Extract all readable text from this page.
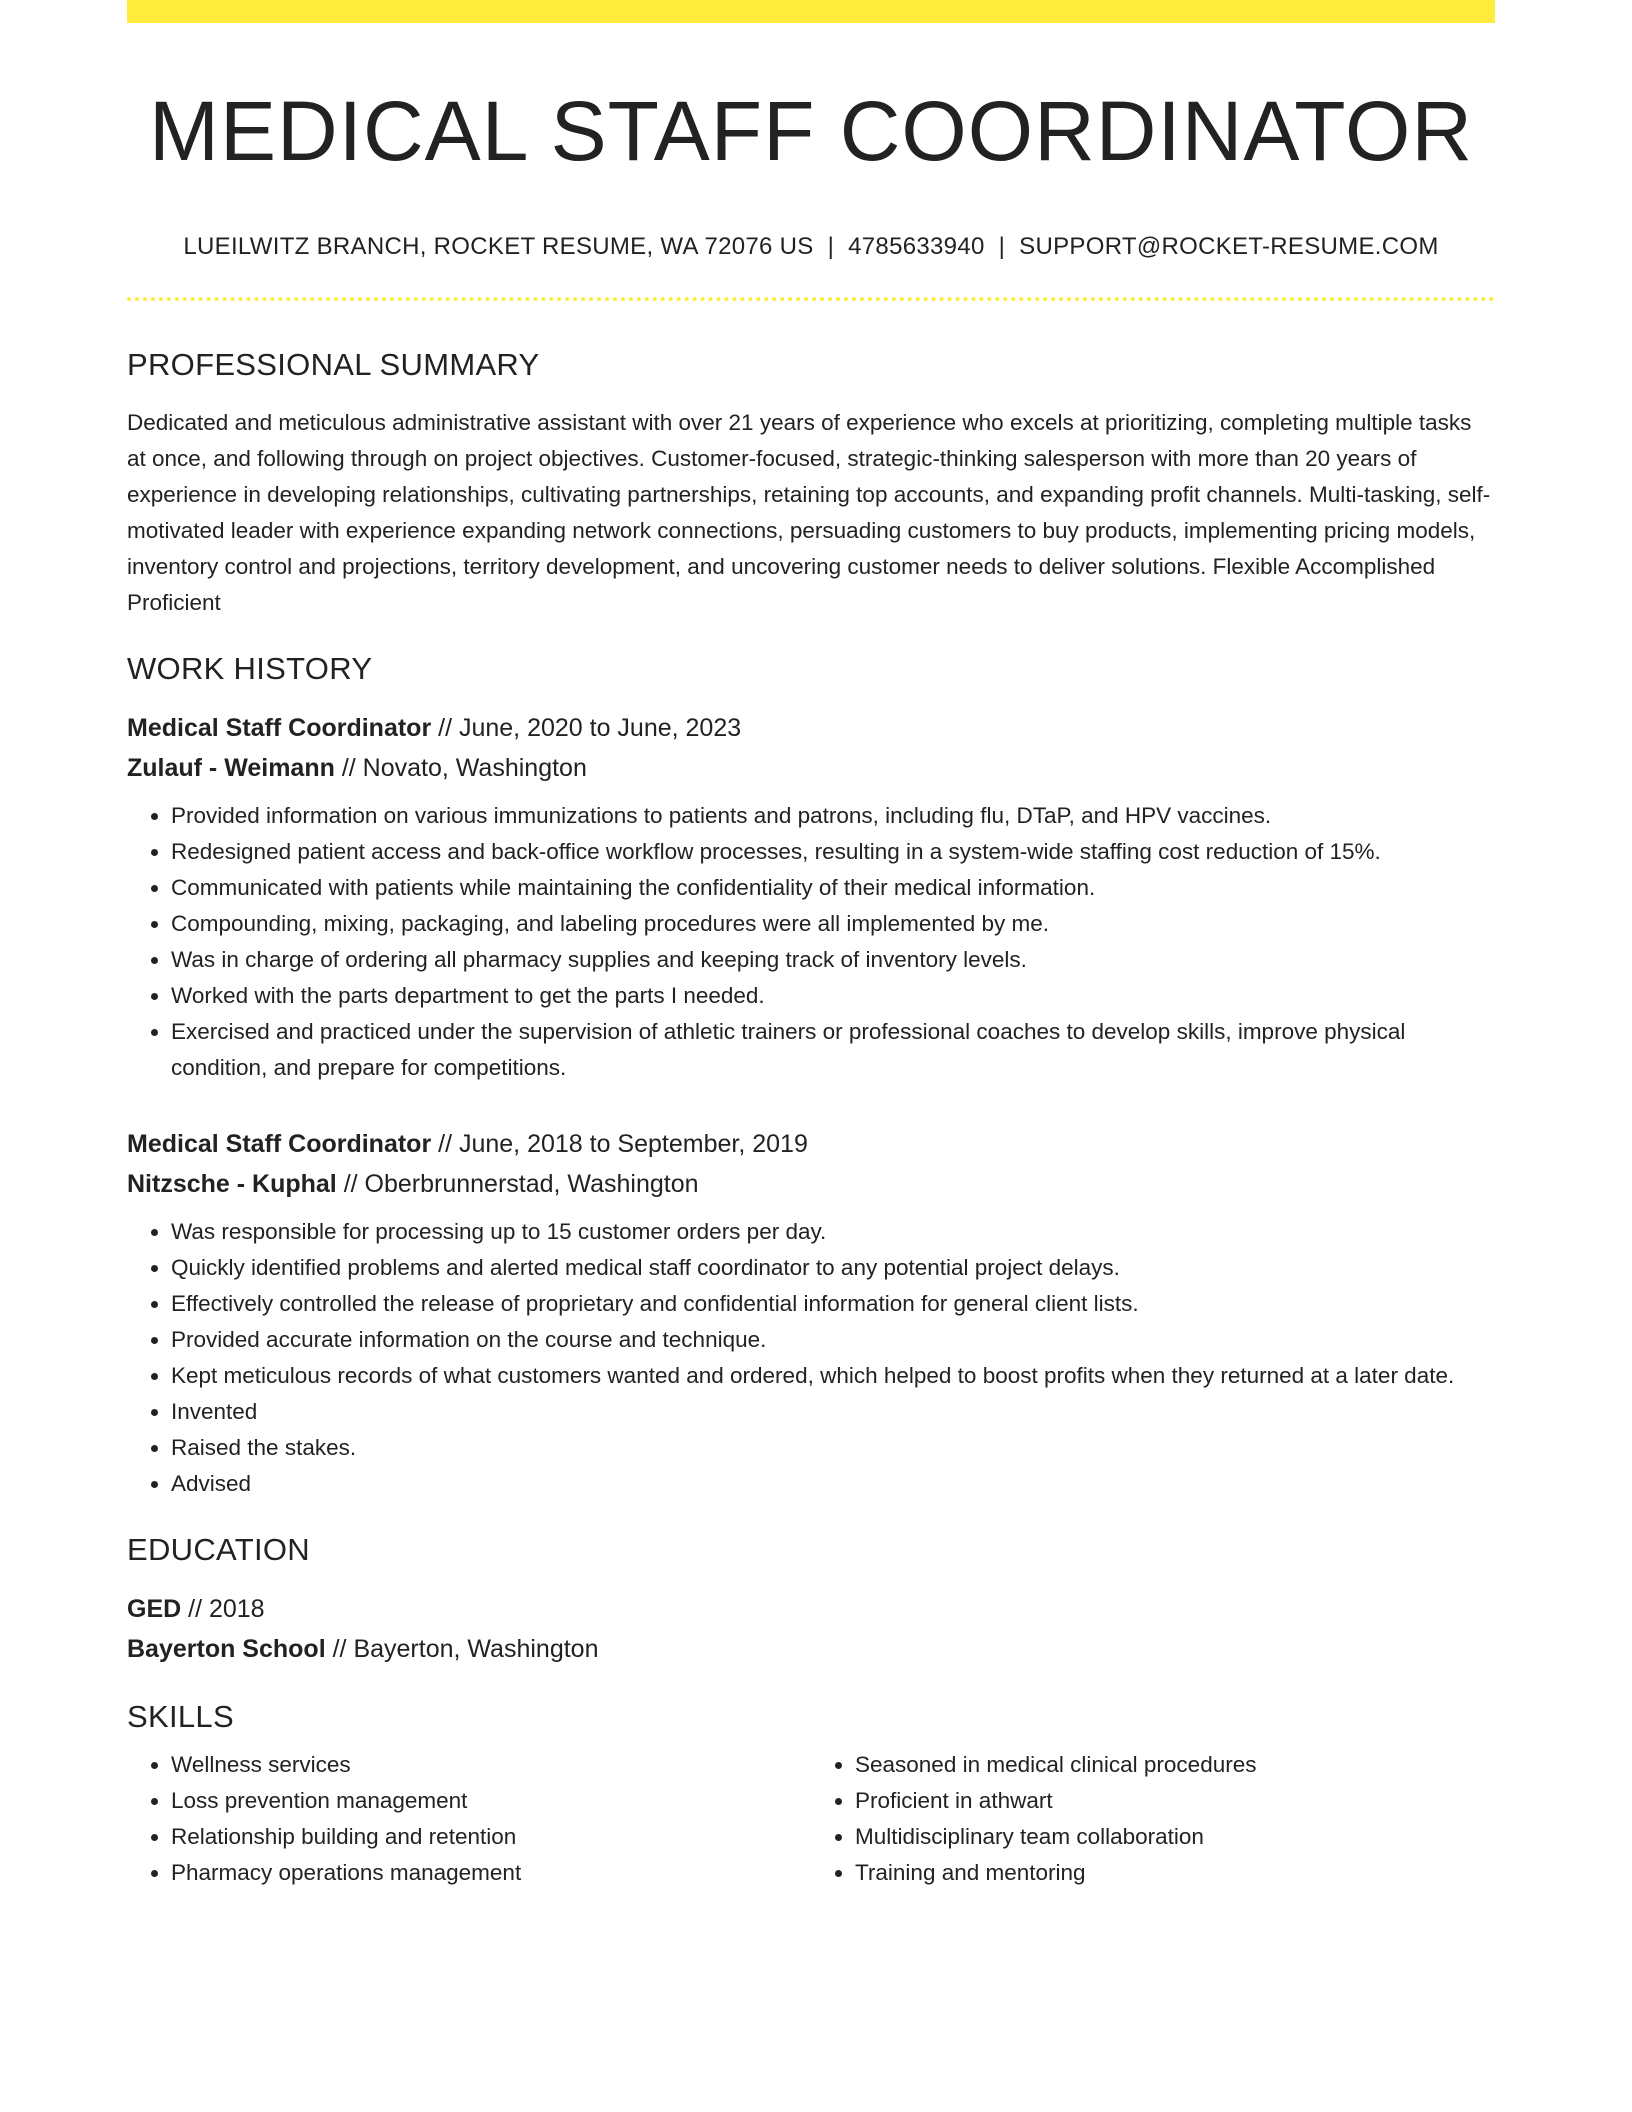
MEDICAL STAFF COORDINATOR
LUEILWITZ BRANCH, ROCKET RESUME, WA 72076 US | 4785633940 | SUPPORT@ROCKET-RESUME.COM
PROFESSIONAL SUMMARY
Dedicated and meticulous administrative assistant with over 21 years of experience who excels at prioritizing, completing multiple tasks at once, and following through on project objectives. Customer-focused, strategic-thinking salesperson with more than 20 years of experience in developing relationships, cultivating partnerships, retaining top accounts, and expanding profit channels. Multi-tasking, self-motivated leader with experience expanding network connections, persuading customers to buy products, implementing pricing models, inventory control and projections, territory development, and uncovering customer needs to deliver solutions. Flexible Accomplished Proficient
WORK HISTORY
Medical Staff Coordinator // June, 2020 to June, 2023
Zulauf - Weimann // Novato, Washington
• Provided information on various immunizations to patients and patrons, including flu, DTaP, and HPV vaccines.
• Redesigned patient access and back-office workflow processes, resulting in a system-wide staffing cost reduction of 15%.
• Communicated with patients while maintaining the confidentiality of their medical information.
• Compounding, mixing, packaging, and labeling procedures were all implemented by me.
• Was in charge of ordering all pharmacy supplies and keeping track of inventory levels.
• Worked with the parts department to get the parts I needed.
• Exercised and practiced under the supervision of athletic trainers or professional coaches to develop skills, improve physical condition, and prepare for competitions.
Medical Staff Coordinator // June, 2018 to September, 2019
Nitzsche - Kuphal // Oberbrunnerstad, Washington
• Was responsible for processing up to 15 customer orders per day.
• Quickly identified problems and alerted medical staff coordinator to any potential project delays.
• Effectively controlled the release of proprietary and confidential information for general client lists.
• Provided accurate information on the course and technique.
• Kept meticulous records of what customers wanted and ordered, which helped to boost profits when they returned at a later date.
• Invented
• Raised the stakes.
• Advised
EDUCATION
GED // 2018
Bayerton School // Bayerton, Washington
SKILLS
• Wellness services
• Loss prevention management
• Relationship building and retention
• Pharmacy operations management
• Seasoned in medical clinical procedures
• Proficient in athwart
• Multidisciplinary team collaboration
• Training and mentoring
